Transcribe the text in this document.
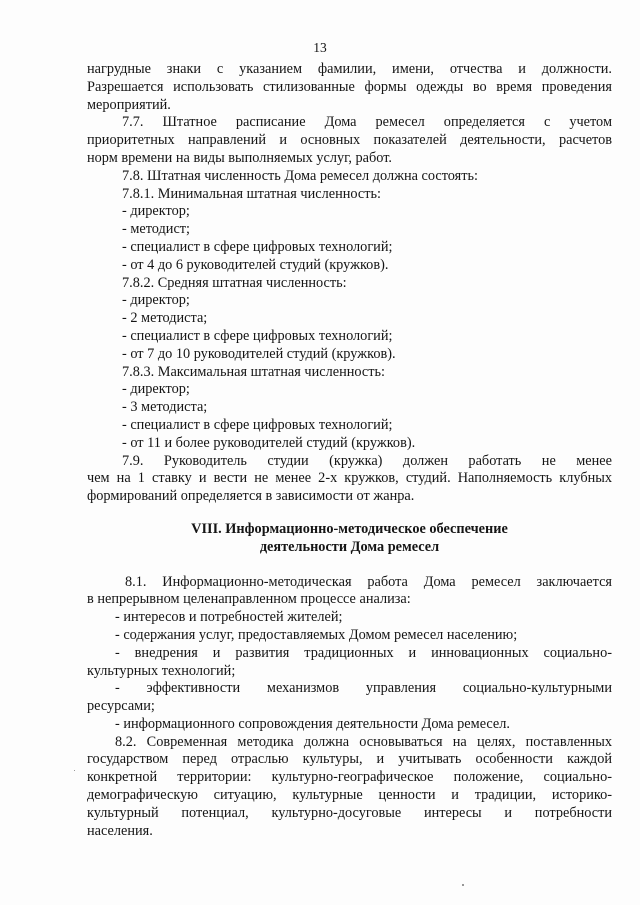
13
нагрудные знаки с указанием фамилии, имени, отчества и должности.
Разрешается использовать стилизованные формы одежды во время проведения
мероприятий.
7.7. Штатное расписание Дома ремесел определяется с учетом
приоритетных направлений и основных показателей деятельности, расчетов
норм времени на виды выполняемых услуг, работ.
7.8. Штатная численность Дома ремесел должна состоять:
7.8.1. Минимальная штатная численность:
- директор;
- методист;
- специалист в сфере цифровых технологий;
- от 4 до 6 руководителей студий (кружков).
7.8.2. Средняя штатная численность:
- директор;
- 2 методиста;
- специалист в сфере цифровых технологий;
- от 7 до 10 руководителей студий (кружков).
7.8.3. Максимальная штатная численность:
- директор;
- 3 методиста;
- специалист в сфере цифровых технологий;
- от 11 и более руководителей студий (кружков).
7.9. Руководитель студии (кружка) должен работать не менее
чем на 1 ставку и вести не менее 2-х кружков, студий. Наполняемость клубных
формирований определяется в зависимости от жанра.
VIII. Информационно-методическое обеспечение
деятельности Дома ремесел
8.1. Информационно-методическая работа Дома ремесел заключается
в непрерывном целенаправленном процессе анализа:
- интересов и потребностей жителей;
- содержания услуг, предоставляемых Домом ремесел населению;
- внедрения и развития традиционных и инновационных социально-
культурных технологий;
- эффективности механизмов управления социально-культурными
ресурсами;
- информационного сопровождения деятельности Дома ремесел.
8.2. Современная методика должна основываться на целях, поставленных
государством перед отраслью культуры, и учитывать особенности каждой
конкретной территории: культурно-географическое положение, социально-
демографическую ситуацию, культурные ценности и традиции, историко-
культурный потенциал, культурно-досуговые интересы и потребности
населения.
